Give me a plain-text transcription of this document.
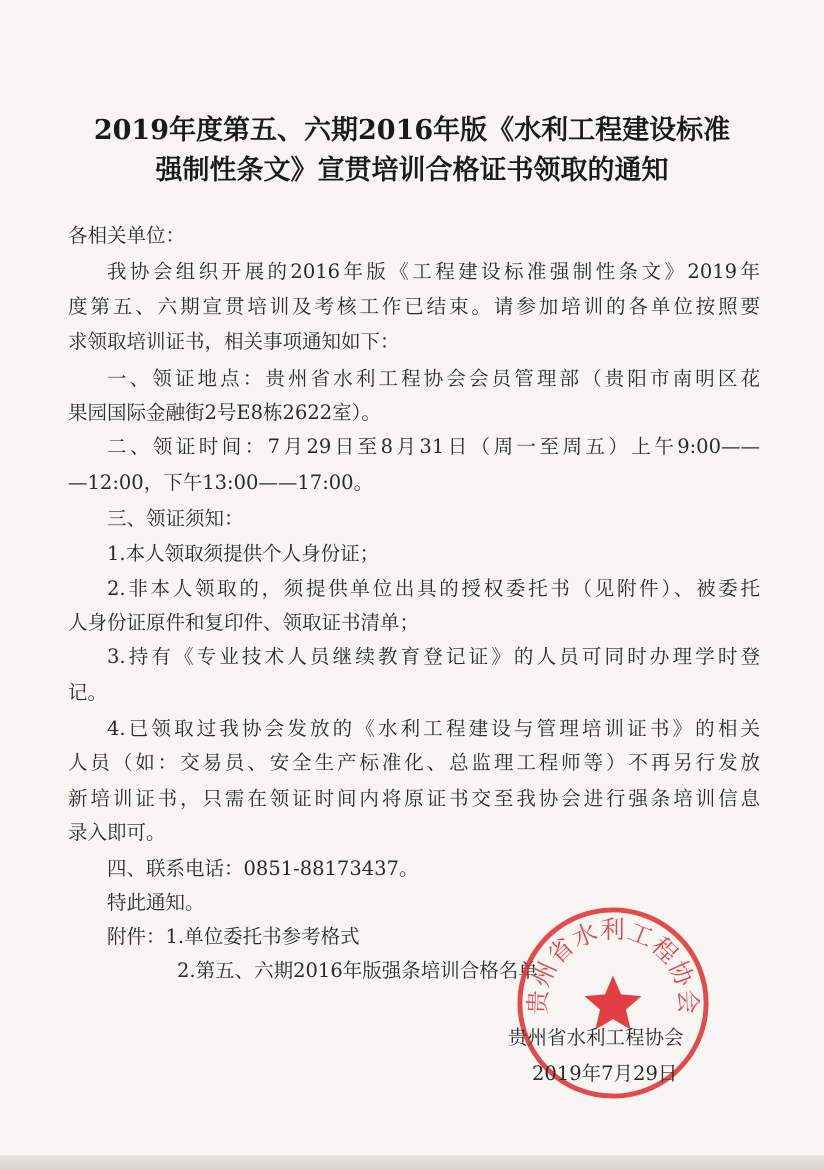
2019年度第五、六期2016年版《水利工程建设标准
强制性条文》宣贯培训合格证书领取的通知
各相关单位：
我协会组织开展的2016年版《工程建设标准强制性条文》2019年
度第五、六期宣贯培训及考核工作已结束。请参加培训的各单位按照要
求领取培训证书，相关事项通知如下：
一、领证地点：贵州省水利工程协会会员管理部（贵阳市南明区花
果园国际金融街2号E8栋2622室）。
二、领证时间：7月29日至8月31日（周一至周五）上午9:00——
—12:00，下午13:00——17:00。
三、领证须知：
1.本人领取须提供个人身份证；
2.非本人领取的，须提供单位出具的授权委托书（见附件）、被委托
人身份证原件和复印件、领取证书清单；
3.持有《专业技术人员继续教育登记证》的人员可同时办理学时登
记。
4.已领取过我协会发放的《水利工程建设与管理培训证书》的相关
人员（如：交易员、安全生产标准化、总监理工程师等）不再另行发放
新培训证书，只需在领证时间内将原证书交至我协会进行强条培训信息
录入即可。
四、联系电话：0851-88173437。
特此通知。
附件：1.单位委托书参考格式
2.第五、六期2016年版强条培训合格名单
贵州省水利工程协会
贵州省水利工程协会
2019年7月29日
